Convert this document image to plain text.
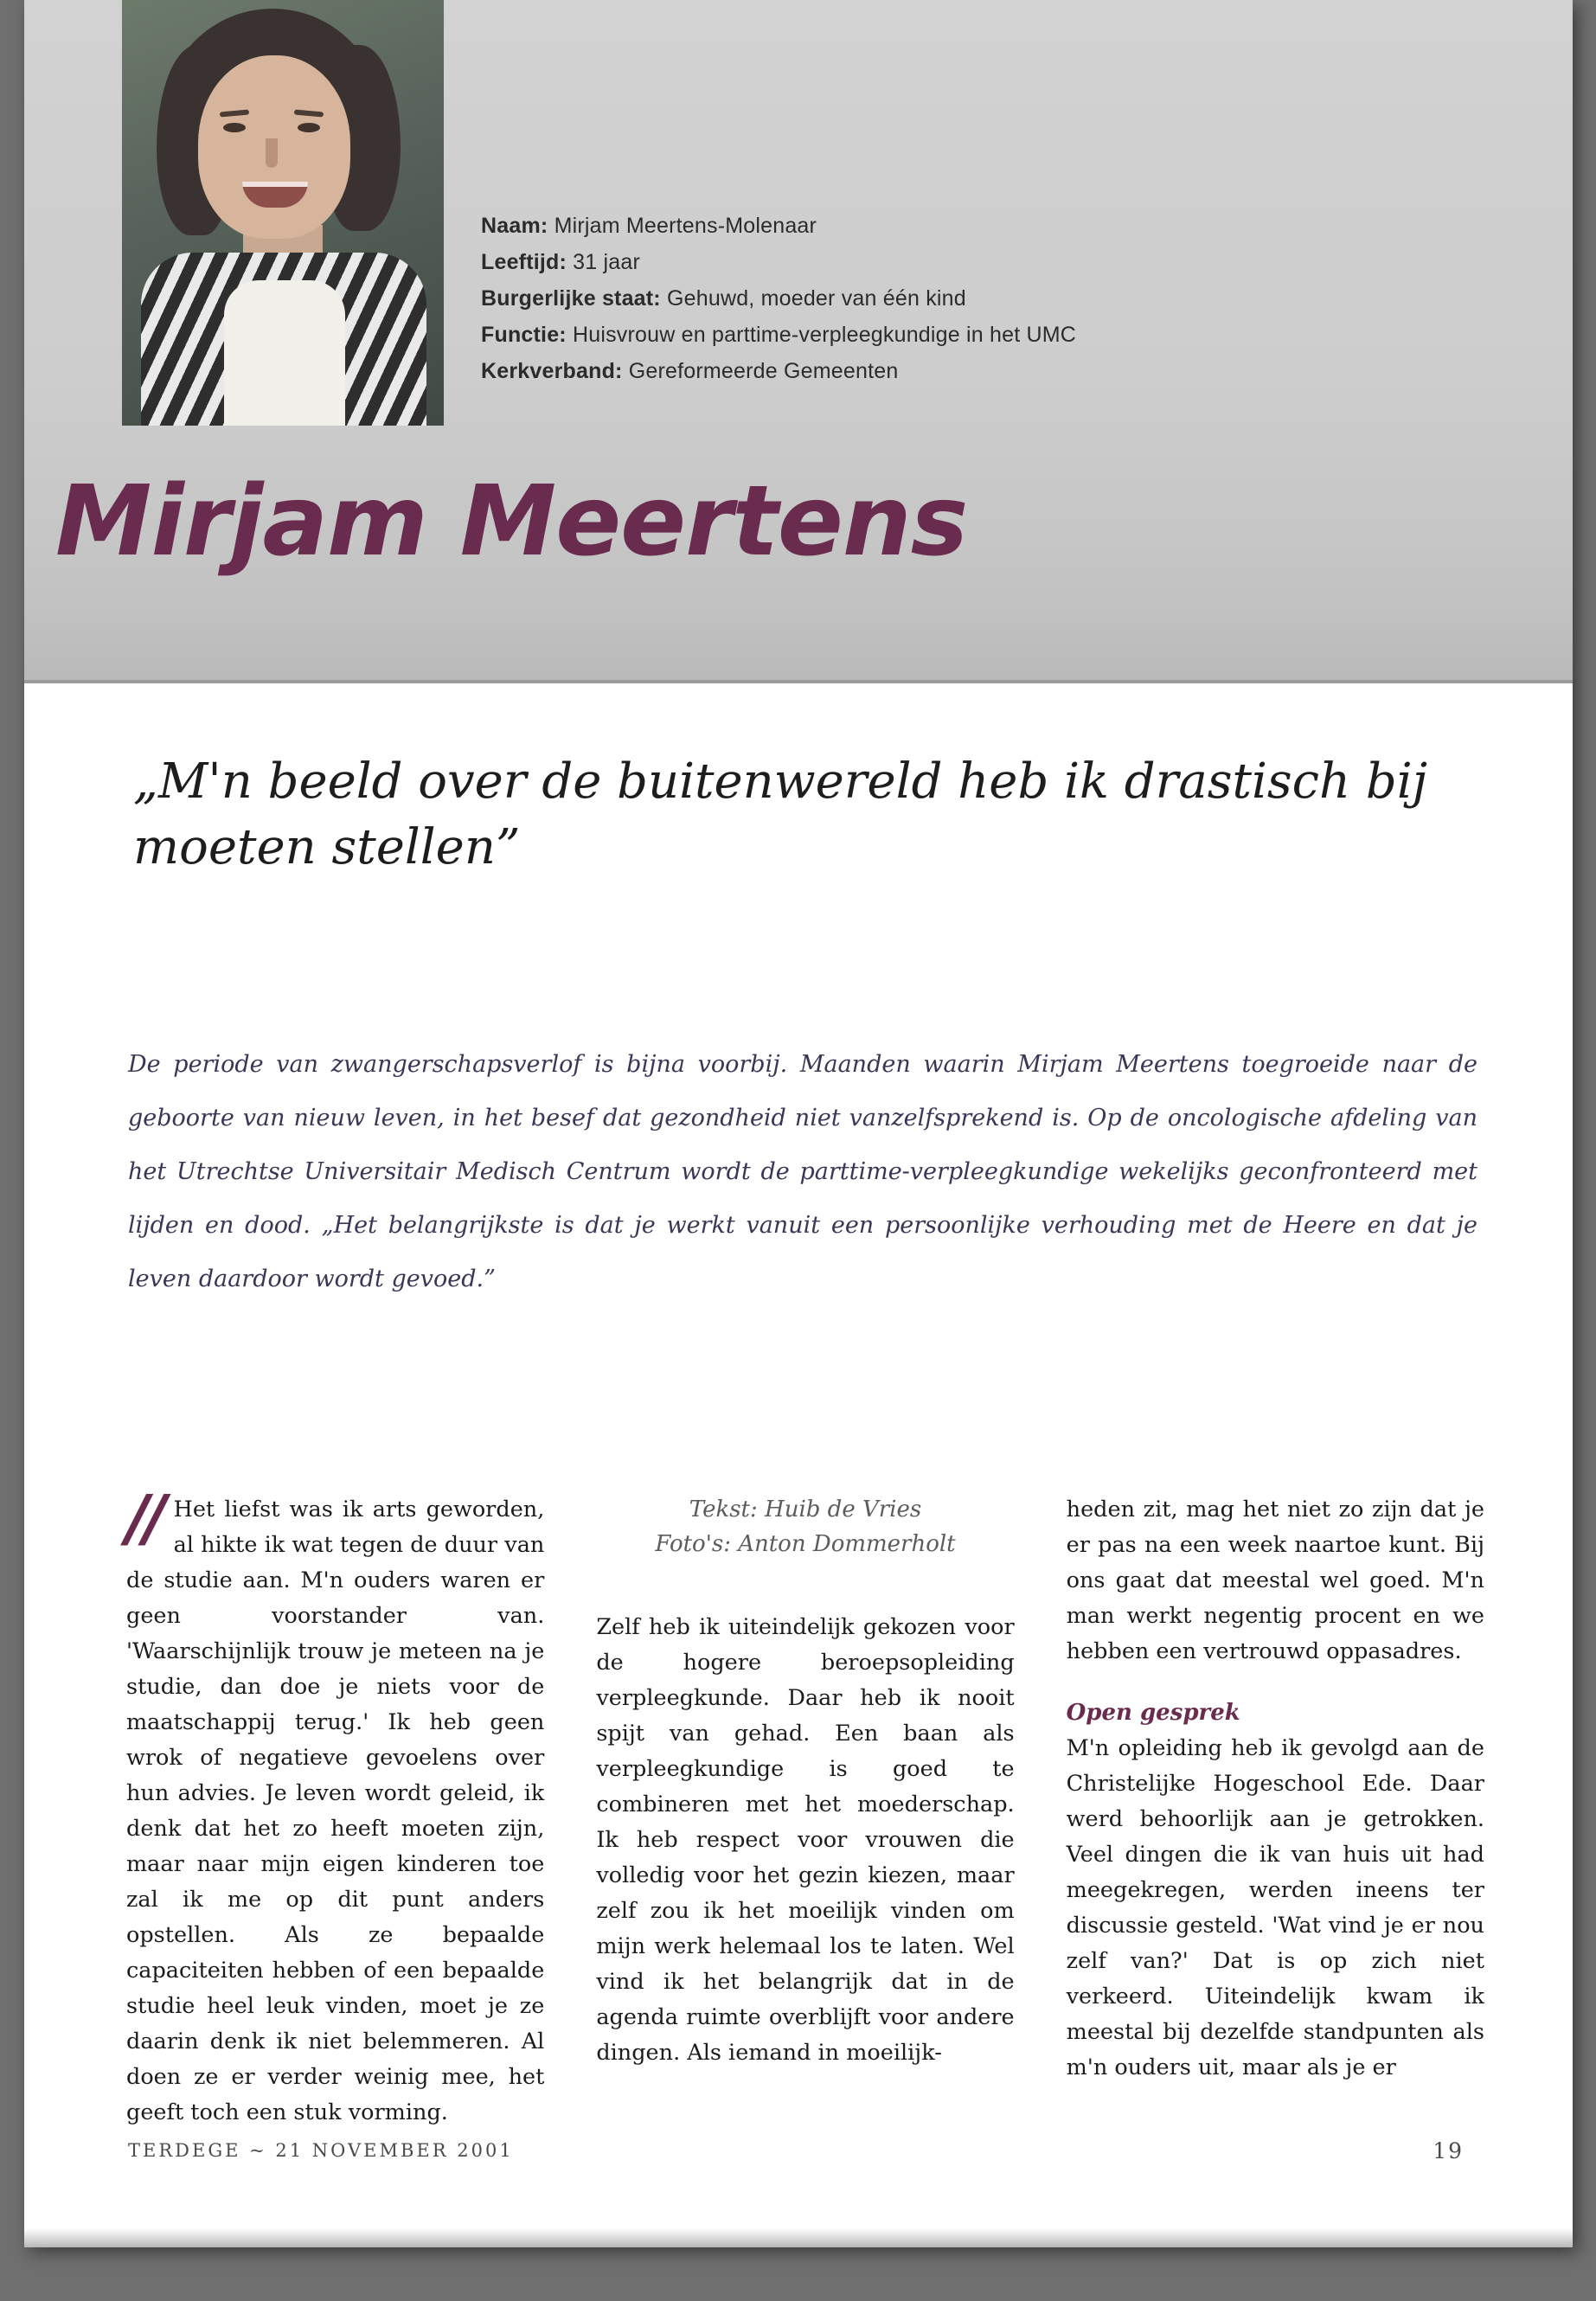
Naam: Mirjam Meertens-Molenaar
Leeftijd: 31 jaar
Burgerlijke staat: Gehuwd, moeder van één kind
Functie: Huisvrouw en parttime-verpleegkundige in het UMC
Kerkverband: Gereformeerde Gemeenten
Mirjam Meertens
„M'n beeld over de buitenwereld heb ik drastisch bij moeten stellen”
De periode van zwangerschapsverlof is bijna voorbij. Maanden waarin Mirjam Meertens toegroeide naar de geboorte van nieuw leven, in het besef dat gezondheid niet vanzelfsprekend is. Op de oncologische afdeling van het Utrechtse Universitair Medisch Centrum wordt de parttime-verpleegkundige wekelijks geconfronteerd met lijden en dood. „Het belangrijkste is dat je werkt vanuit een persoonlijke verhouding met de Heere en dat je leven daardoor wordt gevoed.”

// Het liefst was ik arts geworden, al hikte ik wat tegen de duur van de studie aan. M'n ouders waren er geen voorstander van. 'Waarschijnlijk trouw je meteen na je studie, dan doe je niets voor de maatschappij terug.' Ik heb geen wrok of negatieve gevoelens over hun advies. Je leven wordt geleid, ik denk dat het zo heeft moeten zijn, maar naar mijn eigen kinderen toe zal ik me op dit punt anders opstellen. Als ze bepaalde capaciteiten hebben of een bepaalde studie heel leuk vinden, moet je ze daarin denk ik niet belemmeren. Al doen ze er verder weinig mee, het geeft toch een stuk vorming.

Tekst: Huib de Vries
Foto's: Anton Dommerholt

Zelf heb ik uiteindelijk gekozen voor de hogere beroepsopleiding verpleegkunde. Daar heb ik nooit spijt van gehad. Een baan als verpleegkundige is goed te combineren met het moederschap. Ik heb respect voor vrouwen die volledig voor het gezin kiezen, maar zelf zou ik het moeilijk vinden om mijn werk helemaal los te laten. Wel vind ik het belangrijk dat in de agenda ruimte overblijft voor andere dingen. Als iemand in moeilijk-

heden zit, mag het niet zo zijn dat je er pas na een week naartoe kunt. Bij ons gaat dat meestal wel goed. M'n man werkt negentig procent en we hebben een vertrouwd oppasadres.

Open gesprek

M'n opleiding heb ik gevolgd aan de Christelijke Hogeschool Ede. Daar werd behoorlijk aan je getrokken. Veel dingen die ik van huis uit had meegekregen, werden ineens ter discussie gesteld. 'Wat vind je er nou zelf van?' Dat is op zich niet verkeerd. Uiteindelijk kwam ik meestal bij dezelfde standpunten als m'n ouders uit, maar als je er

TERDEGE ~ 21 NOVEMBER 2001	19
